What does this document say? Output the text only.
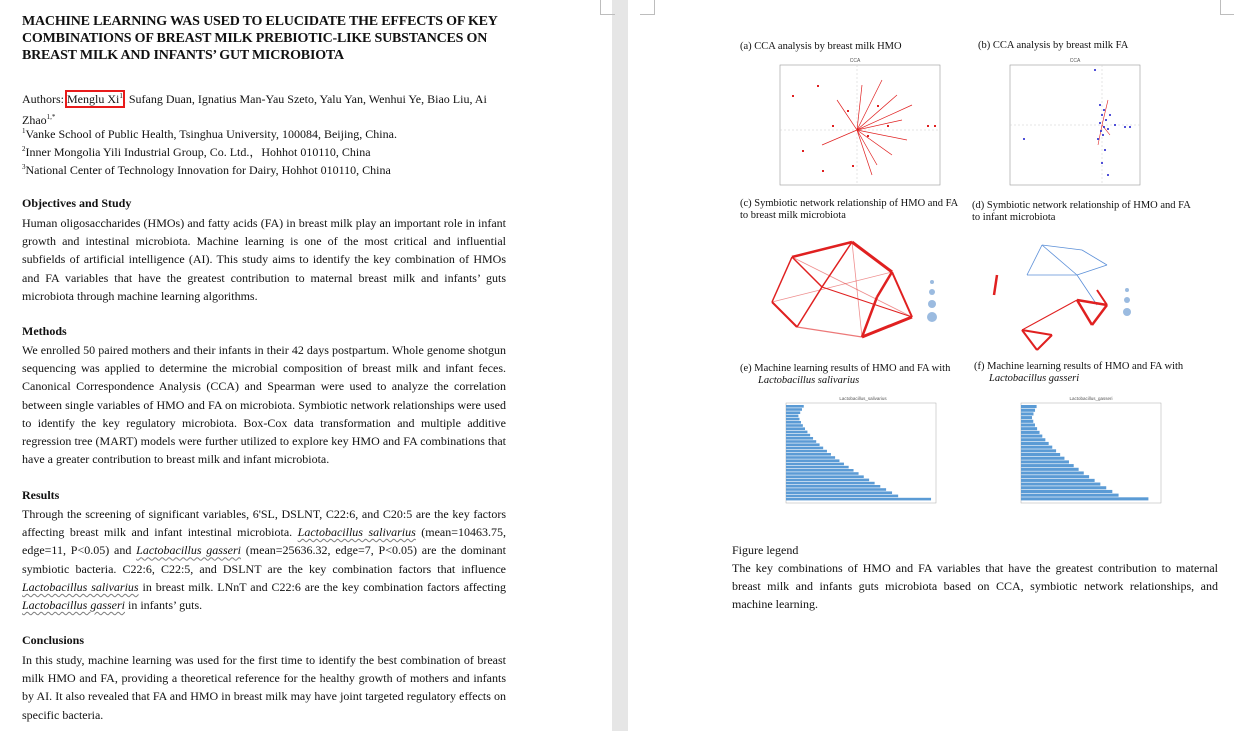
MACHINE LEARNING WAS USED TO ELUCIDATE THE EFFECTS OF KEY COMBINATIONS OF BREAST MILK PREBIOTIC-LIKE SUBSTANCES ON BREAST MILK AND INFANTS’ GUT MICROBIOTA
Authors: Menglu Xi$^1$, Sufang Duan, Ignatius Man-Yau Szeto, Yalu Yan, Wenhui Ye, Biao Liu, Ai Zhao$^{1,*}$
$^1$Vanke School of Public Health, Tsinghua University, 100084, Beijing, China.
$^2$Inner Mongolia Yili Industrial Group, Co. Ltd.，Hohhot 010110, China
$^3$National Center of Technology Innovation for Dairy, Hohhot 010110, China
Objectives and Study
Human oligosaccharides (HMOs) and fatty acids (FA) in breast milk play an important role in infant growth and intestinal microbiota. Machine learning is one of the most critical and influential subfields of artificial intelligence (AI). This study aims to identify the key combination of HMOs and FA variables that have the greatest contribution to maternal breast milk and infants’ guts microbiota through machine learning algorithms.
Methods
We enrolled 50 paired mothers and their infants in their 42 days postpartum. Whole genome shotgun sequencing was applied to determine the microbial composition of breast milk and infant feces. Canonical Correspondence Analysis (CCA) and Spearman were used to analyze the correlation between single variables of HMO and FA on microbiota. Symbiotic network relationships were used to identify the key regulatory microbiota. Box-Cox data transformation and multiple additive regression tree (MART) models were further utilized to explore key HMO and FA combinations that have a greater contribution to breast milk and infant microbiota.
Results
Through the screening of significant variables, 6'SL, DSLNT, C22:6, and C20:5 are the key factors affecting breast milk and infant intestinal microbiota. Lactobacillus salivarius (mean=10463.75, edge=11, P<0.05) and Lactobacillus gasseri (mean=25636.32, edge=7, P<0.05) are the dominant symbiotic bacteria. C22:6, C22:5, and DSLNT are the key combination factors that influence Lactobacillus salivarius in breast milk. LNnT and C22:6 are the key combination factors affecting Lactobacillus gasseri in infants’ guts.
Conclusions
In this study, machine learning was used for the first time to identify the best combination of breast milk HMO and FA, providing a theoretical reference for the healthy growth of mothers and infants by AI. It also revealed that FA and HMO in breast milk may have joint targeted regulatory effects on specific bacteria.
(a) CCA analysis by breast milk HMO	(b) CCA analysis by breast milk FA
(c) Symbiotic network relationship of HMO and FA to breast milk microbiota
(d) Symbiotic network relationship of HMO and FA to infant microbiota
(e) Machine learning results of HMO and FA with
Lactobacillus salivarius
(f) Machine learning results of HMO and FA with
Lactobacillus gasseri
CCA	CCA
Lactobacillus_salivarius	Lactobacillus_gasseri
Figure legend
The key combinations of HMO and FA variables that have the greatest contribution to maternal breast milk and infants guts microbiota based on CCA, symbiotic network relationships, and machine learning.
